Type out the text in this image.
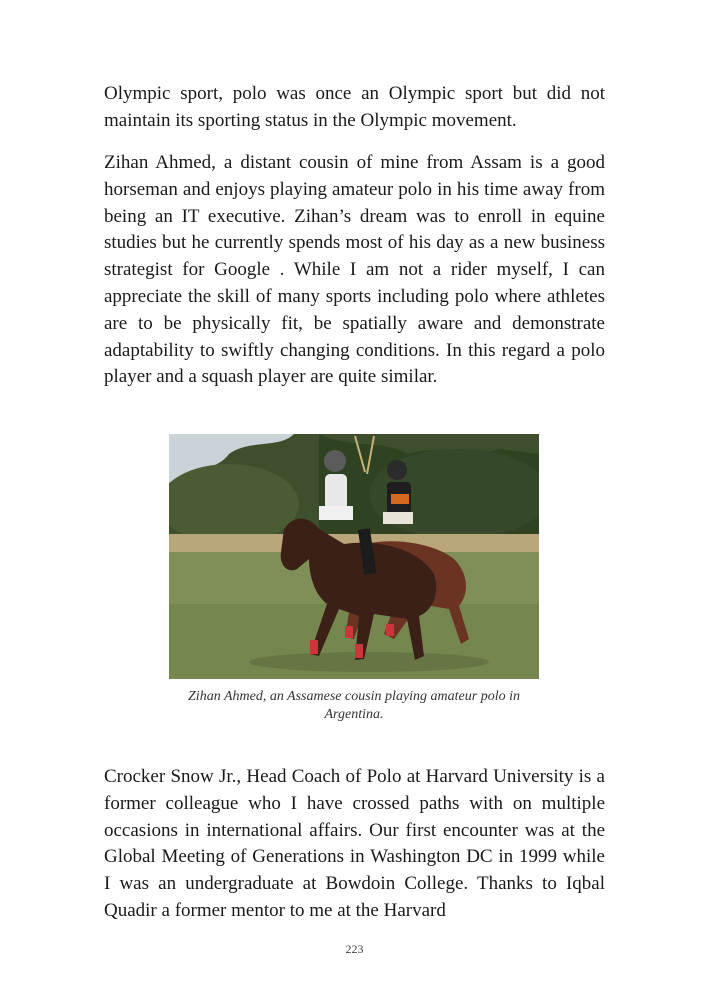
Olympic sport, polo was once an Olympic sport but did not maintain its sporting status in the Olympic movement.

Zihan Ahmed, a distant cousin of mine from Assam is a good horseman and enjoys playing amateur polo in his time away from being an IT executive. Zihan’s dream was to enroll in equine studies but he currently spends most of his day as a new business strategist for Google . While I am not a rider myself, I can appreciate the skill of many sports including polo where athletes are to be physically fit, be spatially aware and demonstrate adaptability to swiftly changing conditions. In this regard a polo player and a squash player are quite similar.

Zihan Ahmed, an Assamese cousin playing amateur polo in Argentina.

Crocker Snow Jr., Head Coach of Polo at Harvard University is a former colleague who I have crossed paths with on multiple occasions in international affairs. Our first encounter was at the Global Meeting of Generations in Washington DC in 1999 while I was an undergraduate at Bowdoin College. Thanks to Iqbal Quadir a former mentor to me at the Harvard

223
